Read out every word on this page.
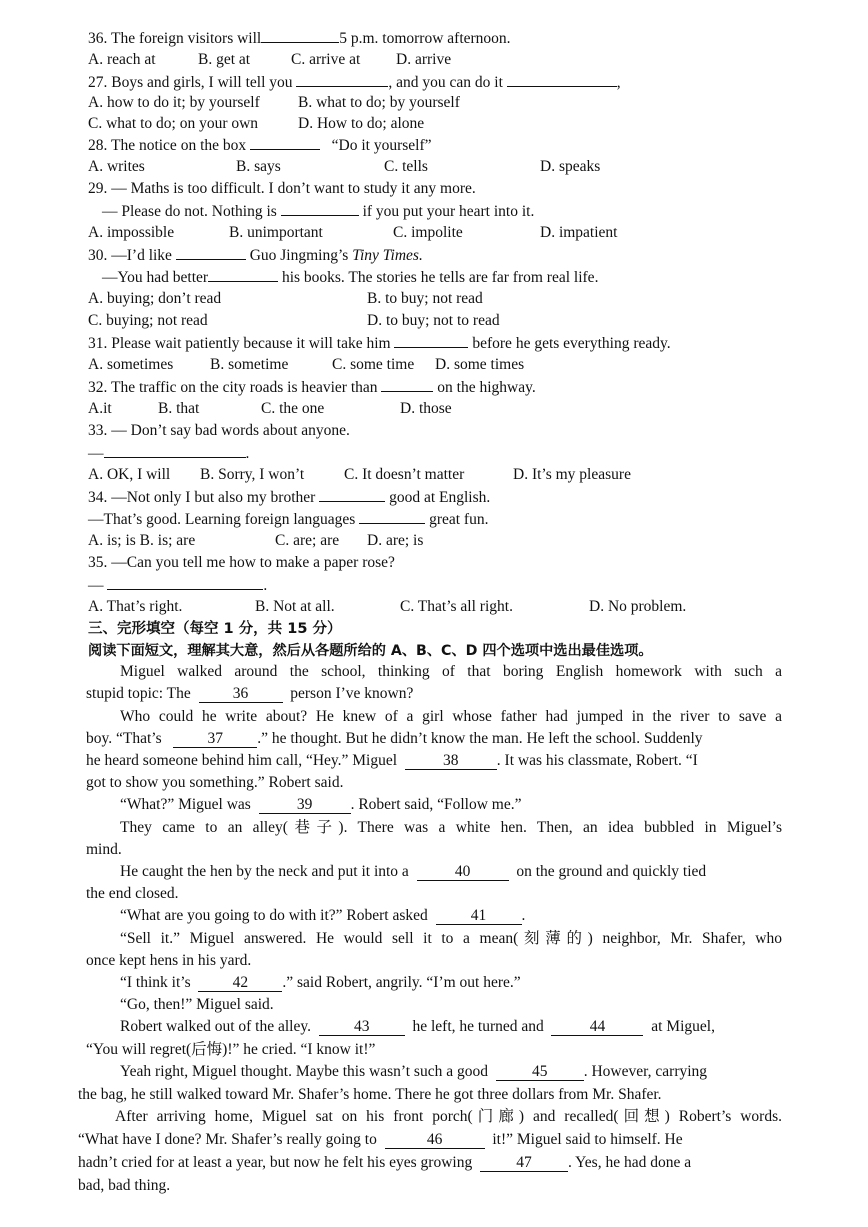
36. The foreign visitors will	5 p.m. tomorrow afternoon.
A. reach at	B. get at	C. arrive at D. arrive
27. Boys and girls, I will tell you	, and you can do it	,
A. how to do it; by yourself B. what to do; by yourself
C. what to do; on your own	D. How to do; alone
28. The notice on the box	“Do it yourself”
A. writes	B. says	C. tells	D. speaks
29. — Maths is too difficult. I don’t want to study it any more.
— Please do not. Nothing is	if you put your heart into it.
A. impossible	B. unimportant	C. impolite	D. impatient
30. —I’d like	Guo Jingming’s Tiny Times.
—You had better	his books. The stories he tells are far from real life.
A. buying; don’t read	B. to buy; not read
C. buying; not read	D. to buy; not to read
31. Please wait patiently because it will take him	before he gets everything ready.
A. sometimes B. sometime	C. some time D. some times
32. The traffic on the city roads is heavier than	on the highway.
A.it	B. that	C. the one	D. those
33. — Don’t say bad words about anyone.
—	.
A. OK, I will B. Sorry, I won’t	C. It doesn’t matter	D. It’s my pleasure
34. —Not only I but also my brother	good at English.
—That’s good. Learning foreign languages	great fun.
A. is; is B. is; are	C. are; are D. are; is
35. —Can you tell me how to make a paper rose?
—	.
A. That’s right.	B. Not at all.	C. That’s all right.	D. No problem.
三、完形填空（每空 1 分，共 15 分）
阅读下面短文，理解其大意，然后从各题所给的 A、B、C、D 四个选项中选出最佳选项。
Miguel walked around the school, thinking of that boring English homework with such a
stupid topic: The	36	person I’ve known?
Who could he write about? He knew of a girl whose father had jumped in the river to save a
boy. “That’s	37 .” he thought. But he didn’t know the man. He left the school. Suddenly
he heard someone behind him call, “Hey.” Miguel	38 . It was his classmate, Robert. “I
got to show you something.” Robert said.
“What?” Miguel was	39 . Robert said, “Follow me.”
They came to an alley(巷子). There was a white hen. Then, an idea bubbled in Miguel’s
mind.
He caught the hen by the neck and put it into a	40	on the ground and quickly tied
the end closed.
“What are you going to do with it?” Robert asked	41 .
“Sell it.” Miguel answered. He would sell it to a mean(刻薄的) neighbor, Mr. Shafer, who
once kept hens in his yard.
“I think it’s	42 .” said Robert, angrily. “I’m out here.”
“Go, then!” Miguel said.
Robert walked out of the alley.	43	he left, he turned and	44	at Miguel,
“You will regret(后悔)!” he cried. “I know it!”
Yeah right, Miguel thought. Maybe this wasn’t such a good	45 . However, carrying
the bag, he still walked toward Mr. Shafer’s home. There he got three dollars from Mr. Shafer.
After arriving home, Miguel sat on his front porch(门廊) and recalled(回想) Robert’s words.
“What have I done? Mr. Shafer’s really going to	46	it!” Miguel said to himself. He
hadn’t cried for at least a year, but now he felt his eyes growing	47 . Yes, he had done a
bad, bad thing.
